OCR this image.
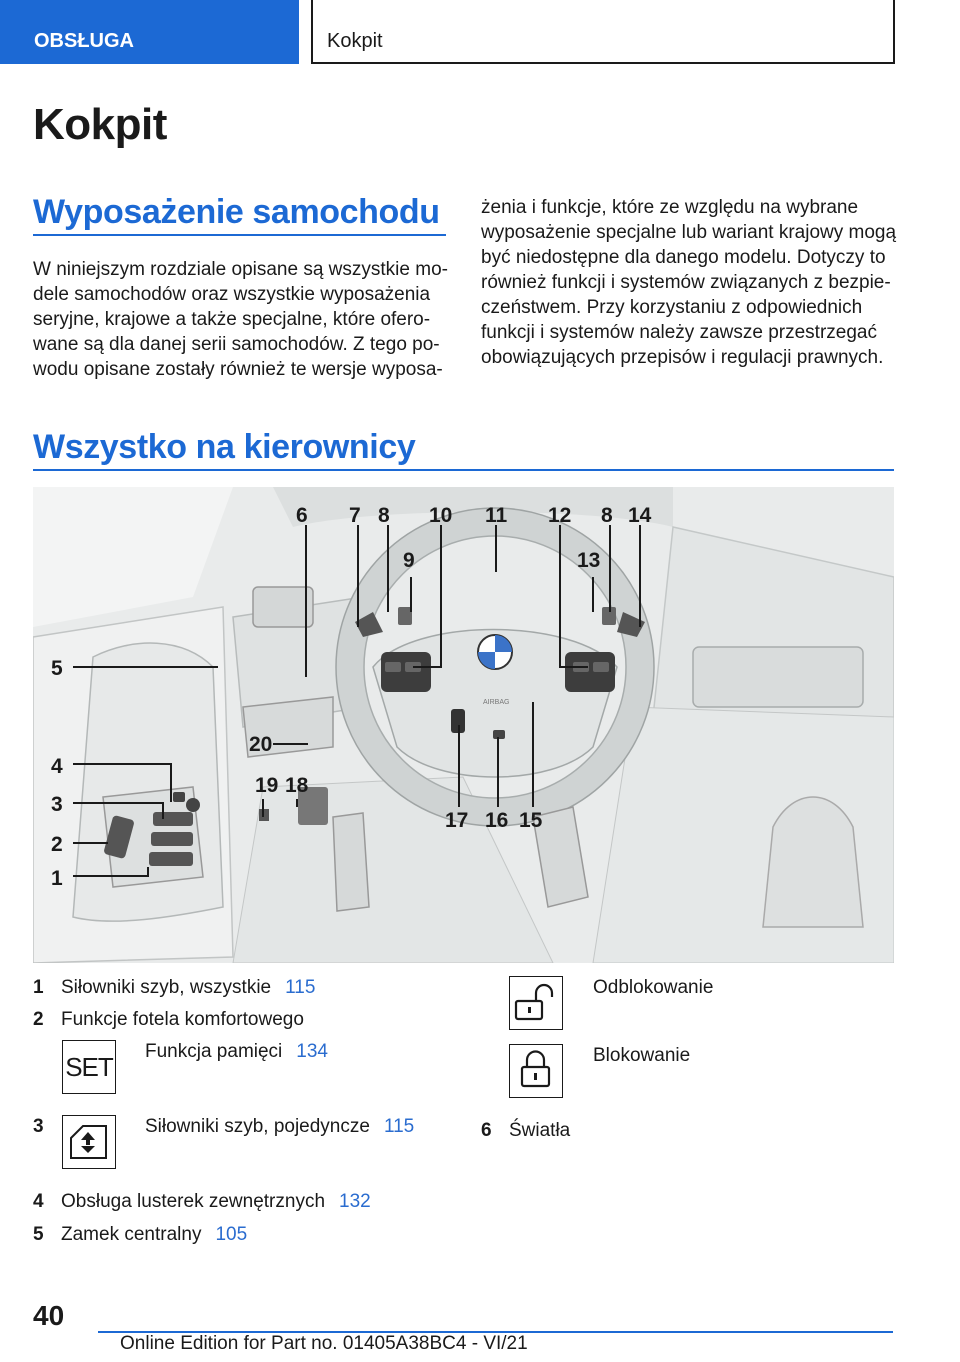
OBSŁUGA	Kokpit
Kokpit
Wyposażenie samochodu
W niniejszym rozdziale opisane są wszystkie mo‐
dele samochodów oraz wszystkie wyposażenia
seryjne, krajowe a także specjalne, które ofero‐
wane są dla danej serii samochodów. Z tego po‐
wodu opisane zostały również te wersje wyposa‐
żenia i funkcje, które ze względu na wybrane
wyposażenie specjalne lub wariant krajowy mogą
być niedostępne dla danego modelu. Dotyczy to
również funkcji i systemów związanych z bezpie‐
czeństwem. Przy korzystaniu z odpowiednich
funkcji i systemów należy zawsze przestrzegać
obowiązujących przepisów i regulacji prawnych.
Wszystko na kierownicy
AIRBAG
6 7 8 10 11 12 8 14
9	13
5
20
4
19 18
3
2
1
17 16 15
1 Siłowniki szyb, wszystkie 115
2 Funkcje fotela komfortowego
SET
Funkcja pamięci 134
3	Siłowniki szyb, pojedyncze 115
4 Obsługa lusterek zewnętrznych 132
5 Zamek centralny 105
Odblokowanie
Blokowanie
6 Światła
40
Online Edition for Part no. 01405A38BC4 - VI/21
